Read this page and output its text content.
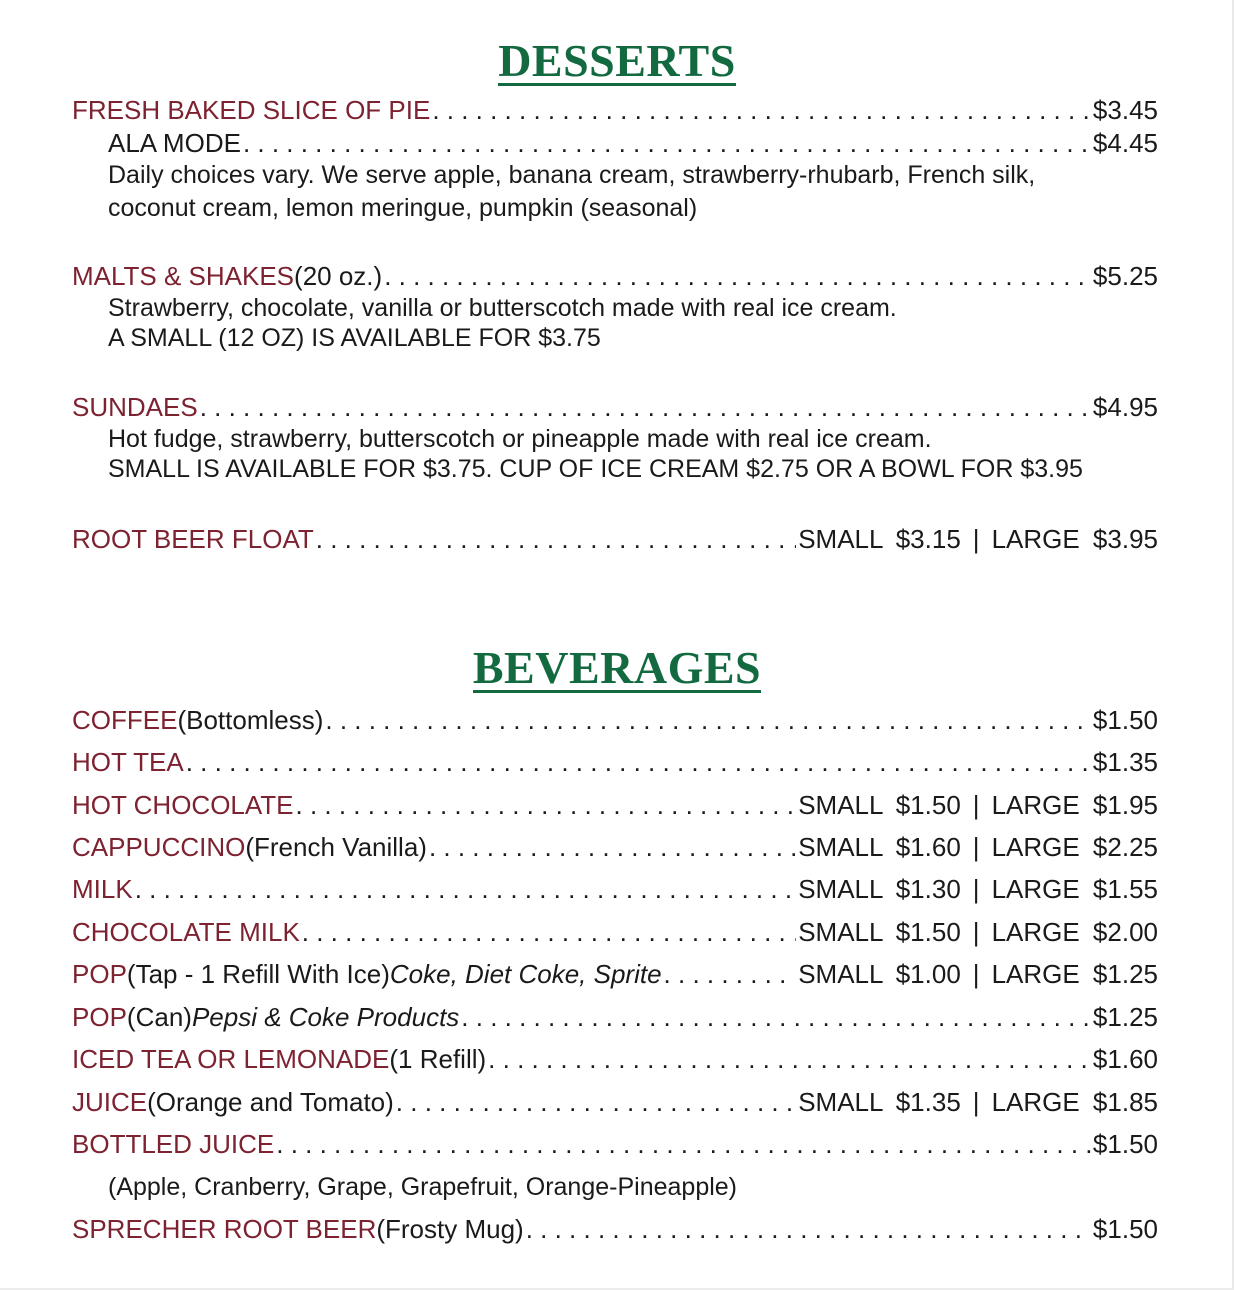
DESSERTS
FRESH BAKED SLICE OF PIE . . .	$3.45
ALA MODE . . .	$4.45
Daily choices vary. We serve apple, banana cream, strawberry-rhubarb, French silk,
coconut cream, lemon meringue, pumpkin (seasonal)
MALTS & SHAKES (20 oz.) . . .	$5.25
Strawberry, chocolate, vanilla or butterscotch made with real ice cream.
A SMALL (12 OZ) IS AVAILABLE FOR $3.75
SUNDAES . . .	$4.95
Hot fudge, strawberry, butterscotch or pineapple made with real ice cream.
SMALL IS AVAILABLE FOR $3.75. CUP OF ICE CREAM $2.75 OR A BOWL FOR $3.95
ROOT BEER FLOAT . . .	SMALL $3.15 | LARGE $3.95
BEVERAGES
COFFEE (Bottomless) . . .	$1.50
HOT TEA . . .	$1.35
HOT CHOCOLATE . . .	SMALL $1.50 | LARGE $1.95
CAPPUCCINO (French Vanilla) . . .	SMALL $1.60 | LARGE $2.25
MILK . . .	SMALL $1.30 | LARGE $1.55
CHOCOLATE MILK . . .	SMALL $1.50 | LARGE $2.00
POP (Tap - 1 Refill With Ice) Coke, Diet Coke, Sprite . . .	SMALL $1.00 | LARGE $1.25
POP (Can) Pepsi & Coke Products . . .	$1.25
ICED TEA OR LEMONADE (1 Refill) . . .	$1.60
JUICE (Orange and Tomato) . . .	SMALL $1.35 | LARGE $1.85
BOTTLED JUICE . . .	$1.50
(Apple, Cranberry, Grape, Grapefruit, Orange-Pineapple)
SPRECHER ROOT BEER (Frosty Mug) . . .	$1.50
